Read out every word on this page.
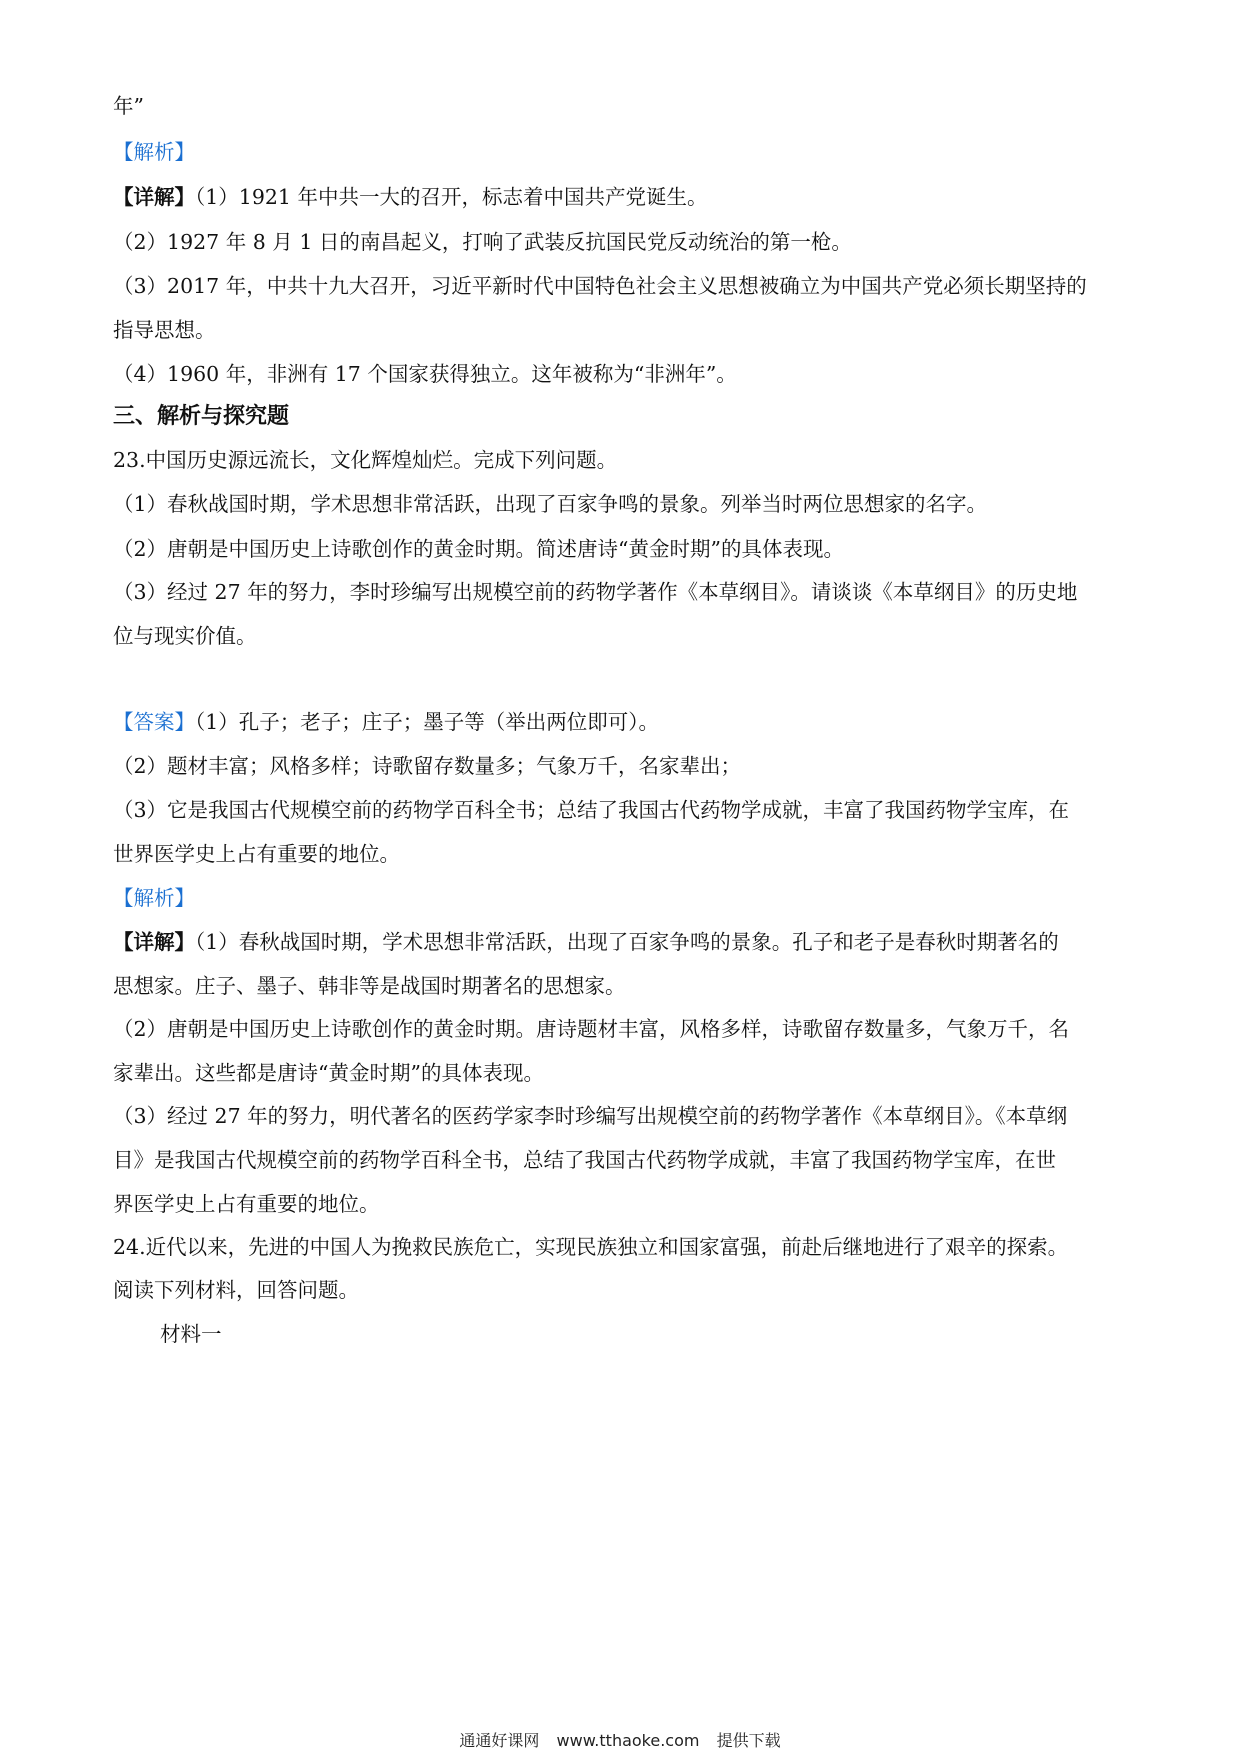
年”
【解析】
【详解】（1）1921 年中共一大的召开，标志着中国共产党诞生。
（2）1927 年 8 月 1 日的南昌起义，打响了武装反抗国民党反动统治的第一枪。
（3）2017 年，中共十九大召开，习近平新时代中国特色社会主义思想被确立为中国共产党必须长期坚持的
指导思想。
（4）1960 年，非洲有 17 个国家获得独立。这年被称为“非洲年”。
三、解析与探究题
23.中国历史源远流长，文化辉煌灿烂。完成下列问题。
（1）春秋战国时期，学术思想非常活跃，出现了百家争鸣的景象。列举当时两位思想家的名字。
（2）唐朝是中国历史上诗歌创作的黄金时期。简述唐诗“黄金时期”的具体表现。
（3）经过 27 年的努力，李时珍编写出规模空前的药物学著作《本草纲目》。请谈谈《本草纲目》的历史地
位与现实价值。
【答案】（1）孔子；老子；庄子；墨子等（举出两位即可）。
（2）题材丰富；风格多样；诗歌留存数量多；气象万千，名家辈出；
（3）它是我国古代规模空前的药物学百科全书；总结了我国古代药物学成就，丰富了我国药物学宝库，在
世界医学史上占有重要的地位。
【解析】
【详解】（1）春秋战国时期，学术思想非常活跃，出现了百家争鸣的景象。孔子和老子是春秋时期著名的
思想家。庄子、墨子、韩非等是战国时期著名的思想家。
（2）唐朝是中国历史上诗歌创作的黄金时期。唐诗题材丰富，风格多样，诗歌留存数量多，气象万千，名
家辈出。这些都是唐诗“黄金时期”的具体表现。
（3）经过 27 年的努力，明代著名的医药学家李时珍编写出规模空前的药物学著作《本草纲目》。《本草纲
目》是我国古代规模空前的药物学百科全书，总结了我国古代药物学成就，丰富了我国药物学宝库，在世
界医学史上占有重要的地位。
24.近代以来，先进的中国人为挽救民族危亡，实现民族独立和国家富强，前赴后继地进行了艰辛的探索。
阅读下列材料，回答问题。
材料一
通通好课网 www.tthaoke.com 提供下载
